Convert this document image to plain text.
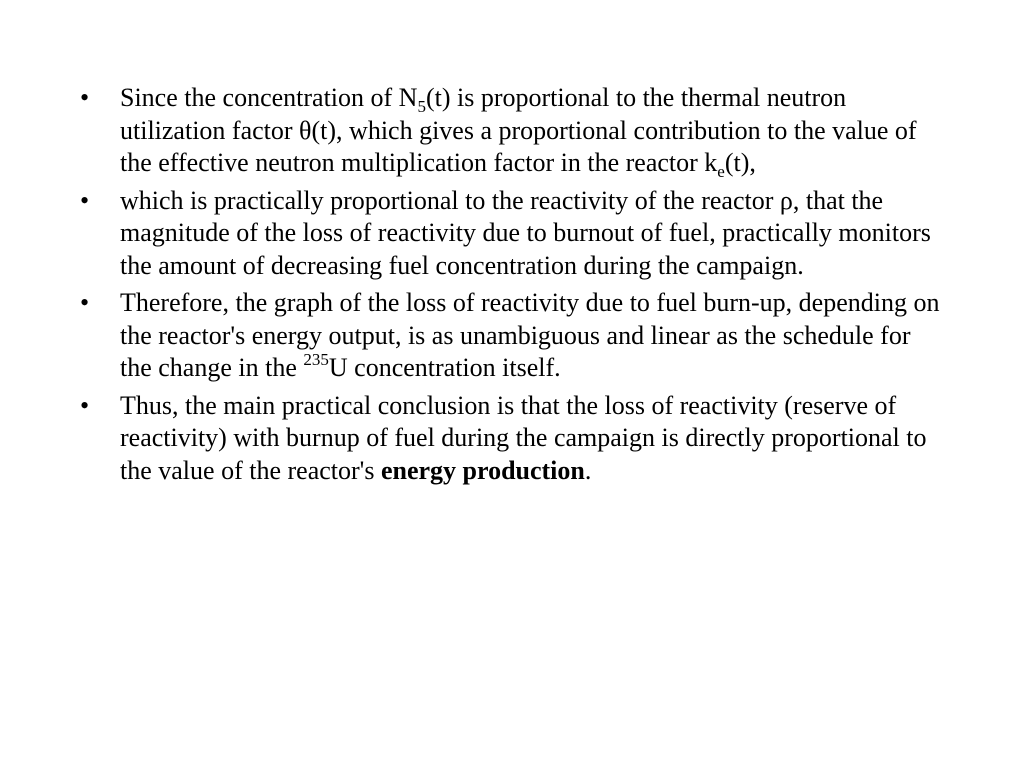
•	Since the concentration of $N_5(t)$ is proportional to the thermal neutron utilization factor θ(t), which gives a proportional contribution to the value of the effective neutron multiplication factor in the reactor $k_e(t)$,
•	which is practically proportional to the reactivity of the reactor ρ, that the magnitude of the loss of reactivity due to burnout of fuel, practically monitors the amount of decreasing fuel concentration during the campaign.
•	Therefore, the graph of the loss of reactivity due to fuel burn-up, depending on the reactor's energy output, is as unambiguous and linear as the schedule for the change in the $^{235}$U concentration itself.
•	Thus, the main practical conclusion is that the loss of reactivity (reserve of reactivity) with burnup of fuel during the campaign is directly proportional to the value of the reactor's energy production.
